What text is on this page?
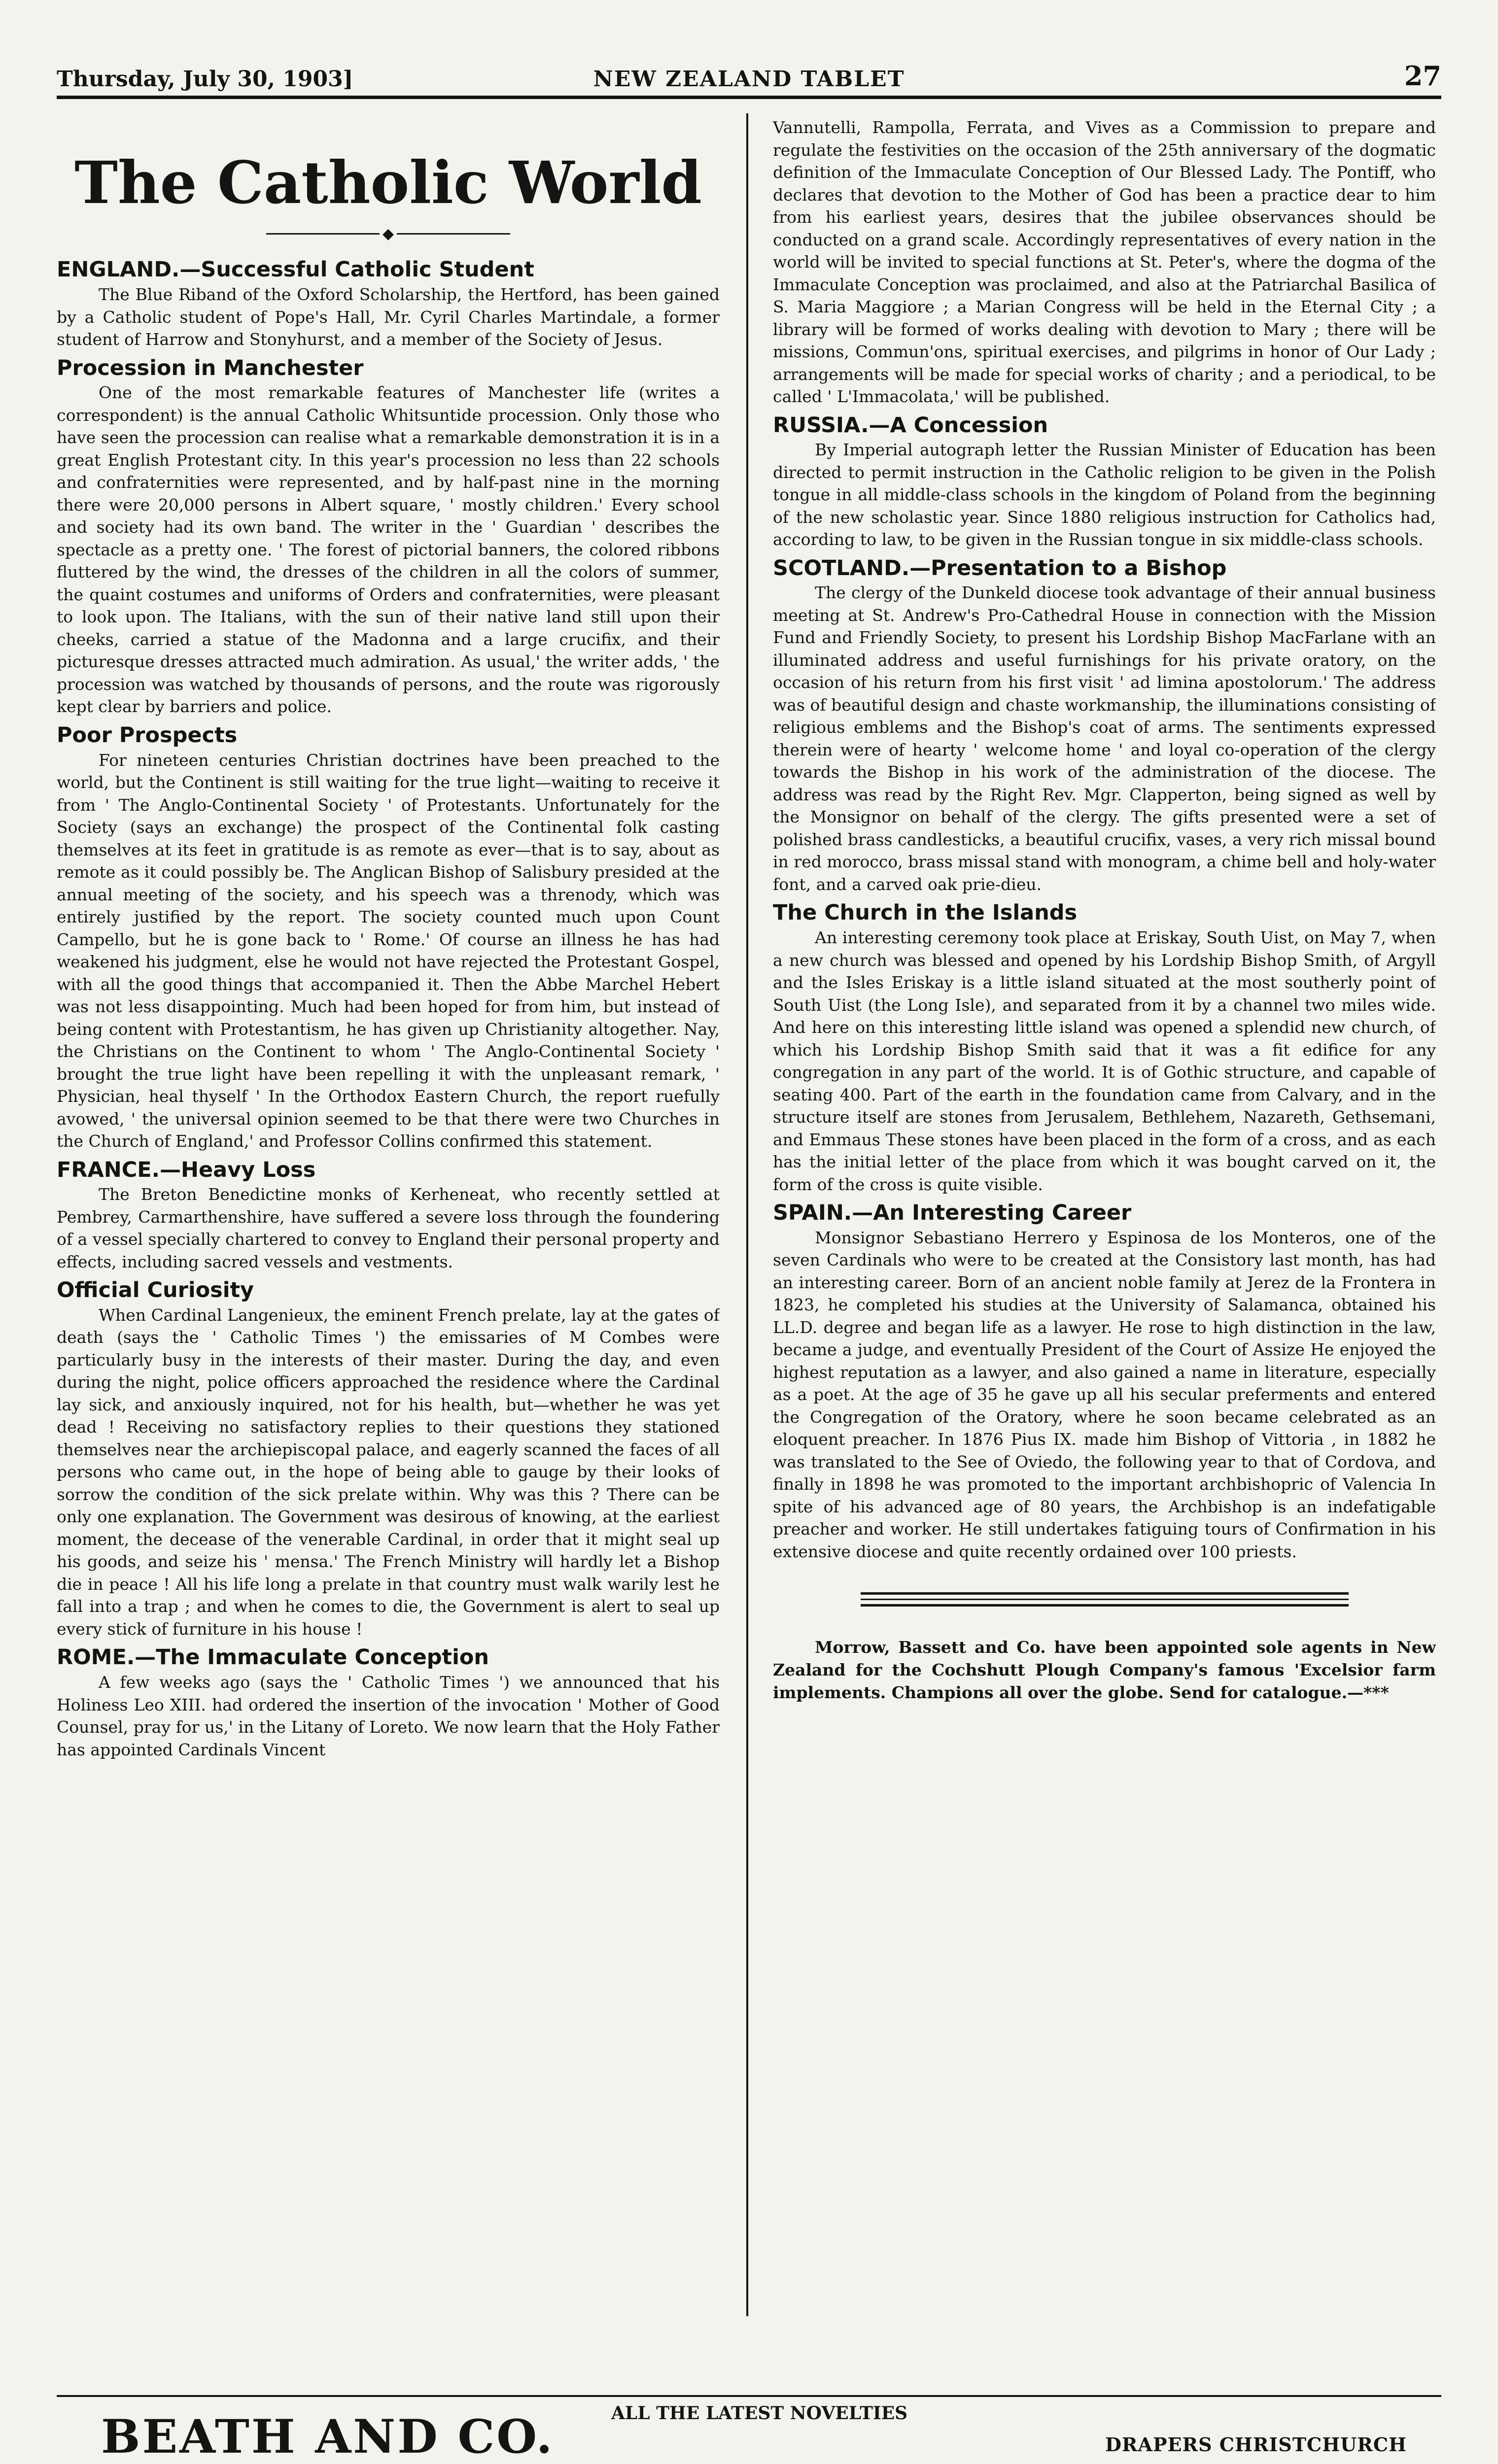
Thursday, July 30, 1903]	NEW ZEALAND TABLET	27
The Catholic World
◆
ENGLAND.—Successful Catholic Student

The Blue Riband of the Oxford Scholarship, the Hertford, has been gained by a Catholic student of Pope's Hall, Mr. Cyril Charles Martindale, a former student of Harrow and Stonyhurst, and a member of the Society of Jesus.

Procession in Manchester

One of the most remarkable features of Manchester life (writes a correspondent) is the annual Catholic Whitsuntide procession. Only those who have seen the procession can realise what a remarkable demonstration it is in a great English Protestant city. In this year's procession no less than 22 schools and confraternities were represented, and by half-past nine in the morning there were 20,000 persons in Albert square, ' mostly children.' Every school and society had its own band. The writer in the ' Guardian ' describes the spectacle as a pretty one. ' The forest of pictorial banners, the colored ribbons fluttered by the wind, the dresses of the children in all the colors of summer, the quaint costumes and uniforms of Orders and confraternities, were pleasant to look upon. The Italians, with the sun of their native land still upon their cheeks, carried a statue of the Madonna and a large crucifix, and their picturesque dresses attracted much admiration. As usual,' the writer adds, ' the procession was watched by thousands of persons, and the route was rigorously kept clear by barriers and police.

Poor Prospects

For nineteen centuries Christian doctrines have been preached to the world, but the Continent is still waiting for the true light—waiting to receive it from ' The Anglo-Continental Society ' of Protestants. Unfortunately for the Society (says an exchange) the prospect of the Continental folk casting themselves at its feet in gratitude is as remote as ever—that is to say, about as remote as it could possibly be. The Anglican Bishop of Salisbury presided at the annual meeting of the society, and his speech was a threnody, which was entirely justified by the report. The society counted much upon Count Campello, but he is gone back to ' Rome.' Of course an illness he has had weakened his judgment, else he would not have rejected the Protestant Gospel, with all the good things that accompanied it. Then the Abbe Marchel Hebert was not less disappointing. Much had been hoped for from him, but instead of being content with Protestantism, he has given up Christianity altogether. Nay, the Christians on the Continent to whom ' The Anglo-Continental Society ' brought the true light have been repelling it with the unpleasant remark, ' Physician, heal thyself ' In the Orthodox Eastern Church, the report ruefully avowed, ' the universal opinion seemed to be that there were two Churches in the Church of England,' and Professor Collins confirmed this statement.

FRANCE.—Heavy Loss

The Breton Benedictine monks of Kerheneat, who recently settled at Pembrey, Carmarthenshire, have suffered a severe loss through the foundering of a vessel specially chartered to convey to England their personal property and effects, including sacred vessels and vestments.

Official Curiosity

When Cardinal Langenieux, the eminent French prelate, lay at the gates of death (says the ' Catholic Times ') the emissaries of M Combes were particularly busy in the interests of their master. During the day, and even during the night, police officers approached the residence where the Cardinal lay sick, and anxiously inquired, not for his health, but—whether he was yet dead ! Receiving no satisfactory replies to their questions they stationed themselves near the archiepiscopal palace, and eagerly scanned the faces of all persons who came out, in the hope of being able to gauge by their looks of sorrow the condition of the sick prelate within. Why was this ? There can be only one explanation. The Government was desirous of knowing, at the earliest moment, the decease of the venerable Cardinal, in order that it might seal up his goods, and seize his ' mensa.' The French Ministry will hardly let a Bishop die in peace ! All his life long a prelate in that country must walk warily lest he fall into a trap ; and when he comes to die, the Government is alert to seal up every stick of furniture in his house !

ROME.—The Immaculate Conception

A few weeks ago (says the ' Catholic Times ') we announced that his Holiness Leo XIII. had ordered the insertion of the invocation ' Mother of Good Counsel, pray for us,' in the Litany of Loreto. We now learn that the Holy Father has appointed Cardinals Vincent

Vannutelli, Rampolla, Ferrata, and Vives as a Commission to prepare and regulate the festivities on the occasion of the 25th anniversary of the dogmatic definition of the Immaculate Conception of Our Blessed Lady. The Pontiff, who declares that devotion to the Mother of God has been a practice dear to him from his earliest years, desires that the jubilee observances should be conducted on a grand scale. Accordingly representatives of every nation in the world will be invited to special functions at St. Peter's, where the dogma of the Immaculate Conception was proclaimed, and also at the Patriarchal Basilica of S. Maria Maggiore ; a Marian Congress will be held in the Eternal City ; a library will be formed of works dealing with devotion to Mary ; there will be missions, Commun'ons, spiritual exercises, and pilgrims in honor of Our Lady ; arrangements will be made for special works of charity ; and a periodical, to be called ' L'Immacolata,' will be published.

RUSSIA.—A Concession

By Imperial autograph letter the Russian Minister of Education has been directed to permit instruction in the Catholic religion to be given in the Polish tongue in all middle-class schools in the kingdom of Poland from the beginning of the new scholastic year. Since 1880 religious instruction for Catholics had, according to law, to be given in the Russian tongue in six middle-class schools.

SCOTLAND.—Presentation to a Bishop

The clergy of the Dunkeld diocese took advantage of their annual business meeting at St. Andrew's Pro-Cathedral House in connection with the Mission Fund and Friendly Society, to present his Lordship Bishop MacFarlane with an illuminated address and useful furnishings for his private oratory, on the occasion of his return from his first visit ' ad limina apostolorum.' The address was of beautiful design and chaste workmanship, the illuminations consisting of religious emblems and the Bishop's coat of arms. The sentiments expressed therein were of hearty ' welcome home ' and loyal co-operation of the clergy towards the Bishop in his work of the administration of the diocese. The address was read by the Right Rev. Mgr. Clapperton, being signed as well by the Monsignor on behalf of the clergy. The gifts presented were a set of polished brass candlesticks, a beautiful crucifix, vases, a very rich missal bound in red morocco, brass missal stand with monogram, a chime bell and holy-water font, and a carved oak prie-dieu.

The Church in the Islands

An interesting ceremony took place at Eriskay, South Uist, on May 7, when a new church was blessed and opened by his Lordship Bishop Smith, of Argyll and the Isles Eriskay is a little island situated at the most southerly point of South Uist (the Long Isle), and separated from it by a channel two miles wide. And here on this interesting little island was opened a splendid new church, of which his Lordship Bishop Smith said that it was a fit edifice for any congregation in any part of the world. It is of Gothic structure, and capable of seating 400. Part of the earth in the foundation came from Calvary, and in the structure itself are stones from Jerusalem, Bethlehem, Nazareth, Gethsemani, and Emmaus These stones have been placed in the form of a cross, and as each has the initial letter of the place from which it was bought carved on it, the form of the cross is quite visible.

SPAIN.—An Interesting Career

Monsignor Sebastiano Herrero y Espinosa de los Monteros, one of the seven Cardinals who were to be created at the Consistory last month, has had an interesting career. Born of an ancient noble family at Jerez de la Frontera in 1823, he completed his studies at the University of Salamanca, obtained his LL.D. degree and began life as a lawyer. He rose to high distinction in the law, became a judge, and eventually President of the Court of Assize He enjoyed the highest reputation as a lawyer, and also gained a name in literature, especially as a poet. At the age of 35 he gave up all his secular preferments and entered the Congregation of the Oratory, where he soon became celebrated as an eloquent preacher. In 1876 Pius IX. made him Bishop of Vittoria , in 1882 he was translated to the See of Oviedo, the following year to that of Cordova, and finally in 1898 he was promoted to the important archbishopric of Valencia In spite of his advanced age of 80 years, the Archbishop is an indefatigable preacher and worker. He still undertakes fatiguing tours of Confirmation in his extensive diocese and quite recently ordained over 100 priests.

Morrow, Bassett and Co. have been appointed sole agents in New Zealand for the Cochshutt Plough Company's famous 'Excelsior farm implements. Champions all over the globe. Send for catalogue.—***

BEATH AND CO.	ALL THE LATEST NOVELTIES
DRAPERS CHRISTCHURCH
